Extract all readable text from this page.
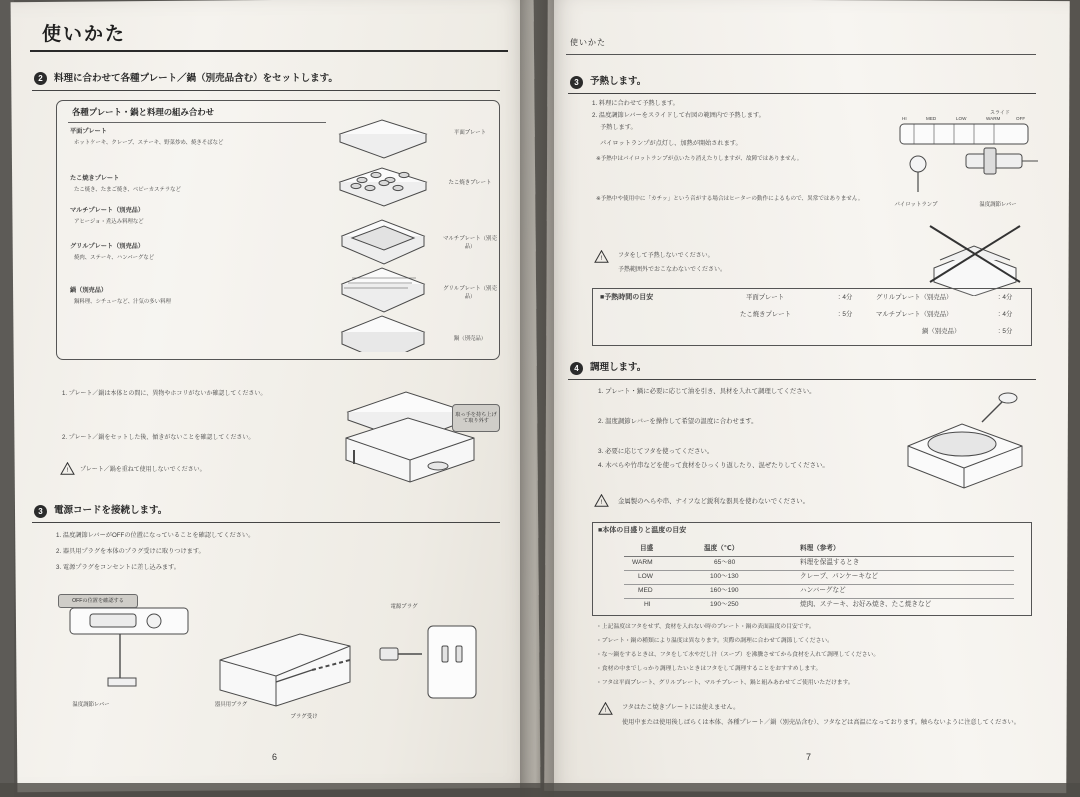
使いかた
2	料理に合わせて各種プレート／鍋（別売品含む）をセットします。
各種プレート・鍋と料理の組み合わせ
平面プレート
ホットケーキ、クレープ、ステーキ、野菜炒め、焼きそばなど
たこ焼きプレート
たこ焼き、たまご焼き、ベビーカステラなど
マルチプレート（別売品）
アヒージョ・煮込み料理など
グリルプレート（別売品）
焼肉、ステーキ、ハンバーグなど
鍋（別売品）
鍋料理、シチューなど、汁気の多い料理
平面プレート
たこ焼きプレート
マルチプレート（別売品）
グリルプレート（別売品）
鍋（別売品）
1. プレート／鍋は本体との間に、異物やホコリがないか確認してください。
2. プレート／鍋をセットした後、傾きがないことを確認してください。
! プレート／鍋を重ねて使用しないでください。
取っ手を持ち上げて取り外す
3	電源コードを接続します。
1. 温度調節レバーがOFFの位置になっていることを確認してください。
2. 器具用プラグを本体のプラグ受けに取りつけます。
3. 電源プラグをコンセントに差し込みます。
OFFの位置を確認する
温度調節レバー	器具用プラグ
プラグ受け
電源プラグ
6
使いかた
3	予熱します。
1. 料理に合わせて予熱します。
2. 温度調節レバーをスライドして右図の範囲内で予熱します。
予熱します。
パイロットランプが点灯し、加熱が開始されます。
※予熱中はパイロットランプが点いたり消えたりしますが、故障ではありません。
※予熱中や使用中に「カチッ」という音がする場合はヒーターの動作によるもので、異常ではありません。
スライド
HI	MED	LOW	WARM	OFF
パイロットランプ	温度調節レバー
!	フタをして予熱しないでください。
予熱範囲外でおこなわないでください。
■予熱時間の目安	平面プレート	：4分	グリルプレート（別売品）	：4分
たこ焼きプレート	：5分	マルチプレート（別売品）	：4分
鍋（別売品）	：5分
4	調理します。
1. プレート・鍋に必要に応じて油を引き、具材を入れて調理してください。
2. 温度調節レバーを操作して希望の温度に合わせます。
3. 必要に応じてフタを使ってください。
4. 木べらや竹串などを使って食材をひっくり返したり、混ぜたりしてください。
! 金属製のへらや串、ナイフなど鋭利な器具を使わないでください。
■本体の目盛りと温度の目安
目盛	温度（℃）	料理（参考）
WARM	65〜80	料理を保温するとき
LOW	100〜130	クレープ、パンケーキなど
MED	160〜190	ハンバーグなど
HI	190〜250	焼肉、ステーキ、お好み焼き、たこ焼きなど
・上記温度はフタをせず、食材を入れない時のプレート・鍋の表面温度の目安です。
・プレート・鍋の種類により温度は異なります。実際の調理に合わせて調節してください。
・な〜鍋をするときは、フタをして水やだし汁（スープ）を沸騰させてから食材を入れて調理してください。
・食材の中までしっかり調理したいときはフタをして調理することをおすすめします。
・フタは平面プレート、グリルプレート、マルチプレート、鍋と組みあわせてご使用いただけます。
!	フタはたこ焼きプレートには使えません。
使用中または使用後しばらくは本体、各種プレート／鍋（別売品含む）、フタなどは高温になっております。触らないように注意してください。
7
